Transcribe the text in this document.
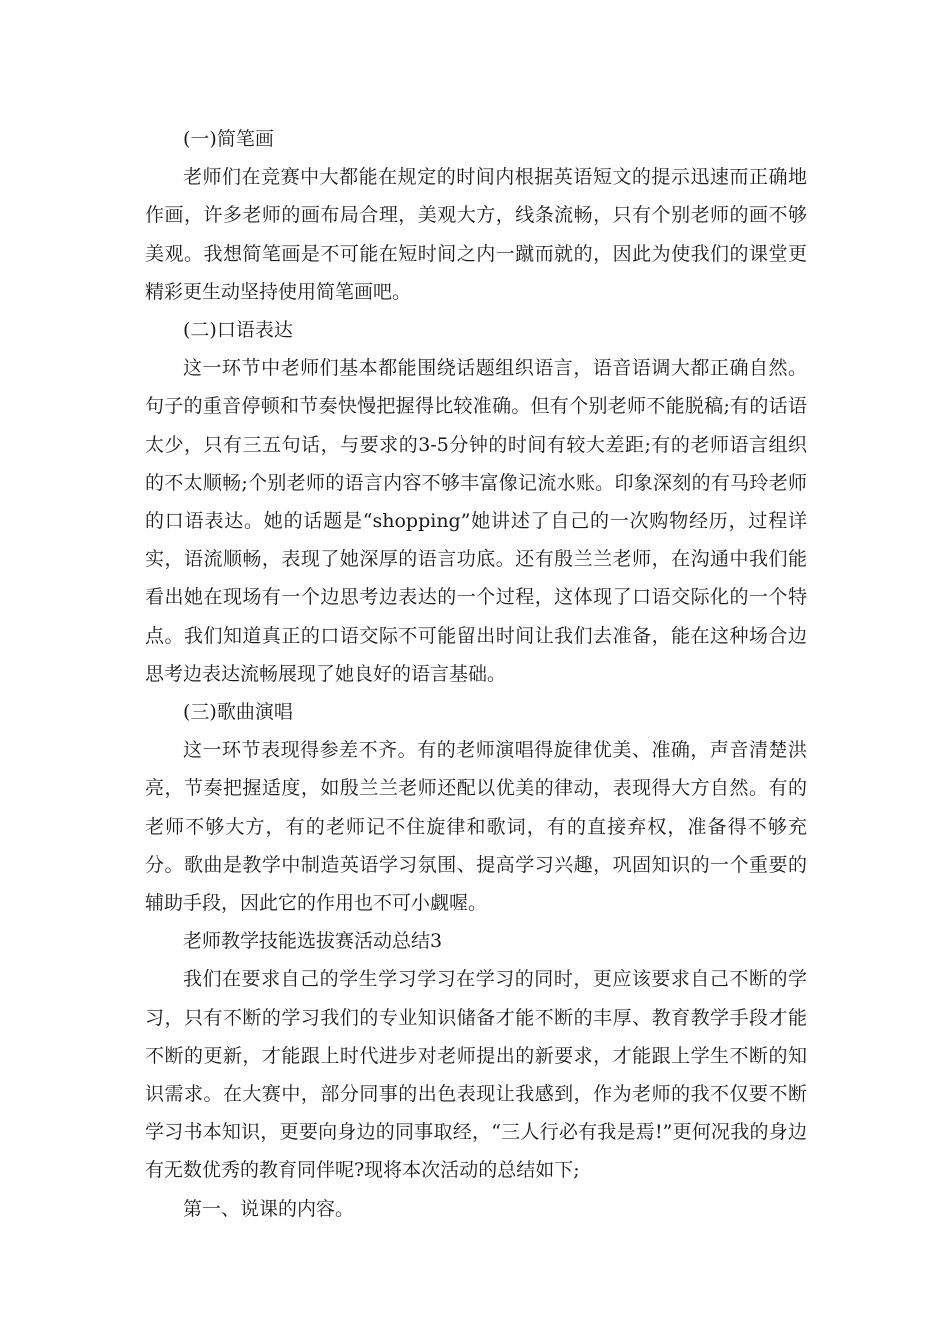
(一)简笔画

老师们在竞赛中大都能在规定的时间内根据英语短文的提示迅速而正确地作画，许多老师的画布局合理，美观大方，线条流畅，只有个别老师的画不够美观。我想简笔画是不可能在短时间之内一蹴而就的，因此为使我们的课堂更精彩更生动坚持使用简笔画吧。

(二)口语表达

这一环节中老师们基本都能围绕话题组织语言，语音语调大都正确自然。句子的重音停顿和节奏快慢把握得比较准确。但有个别老师不能脱稿;有的话语太少，只有三五句话，与要求的3-5分钟的时间有较大差距;有的老师语言组织的不太顺畅;个别老师的语言内容不够丰富像记流水账。印象深刻的有马玲老师的口语表达。她的话题是“shopping”她讲述了自己的一次购物经历，过程详实，语流顺畅，表现了她深厚的语言功底。还有殷兰兰老师，在沟通中我们能看出她在现场有一个边思考边表达的一个过程，这体现了口语交际化的一个特点。我们知道真正的口语交际不可能留出时间让我们去准备，能在这种场合边思考边表达流畅展现了她良好的语言基础。

(三)歌曲演唱

这一环节表现得参差不齐。有的老师演唱得旋律优美、准确，声音清楚洪亮，节奏把握适度，如殷兰兰老师还配以优美的律动，表现得大方自然。有的老师不够大方，有的老师记不住旋律和歌词，有的直接弃权，准备得不够充分。歌曲是教学中制造英语学习氛围、提高学习兴趣，巩固知识的一个重要的辅助手段，因此它的作用也不可小觑喔。

老师教学技能选拔赛活动总结3

我们在要求自己的学生学习学习在学习的同时，更应该要求自己不断的学习，只有不断的学习我们的专业知识储备才能不断的丰厚、教育教学手段才能不断的更新，才能跟上时代进步对老师提出的新要求，才能跟上学生不断的知识需求。在大赛中，部分同事的出色表现让我感到，作为老师的我不仅要不断学习书本知识，更要向身边的同事取经，“三人行必有我是焉!”更何况我的身边有无数优秀的教育同伴呢?现将本次活动的总结如下;

第一、说课的内容。
